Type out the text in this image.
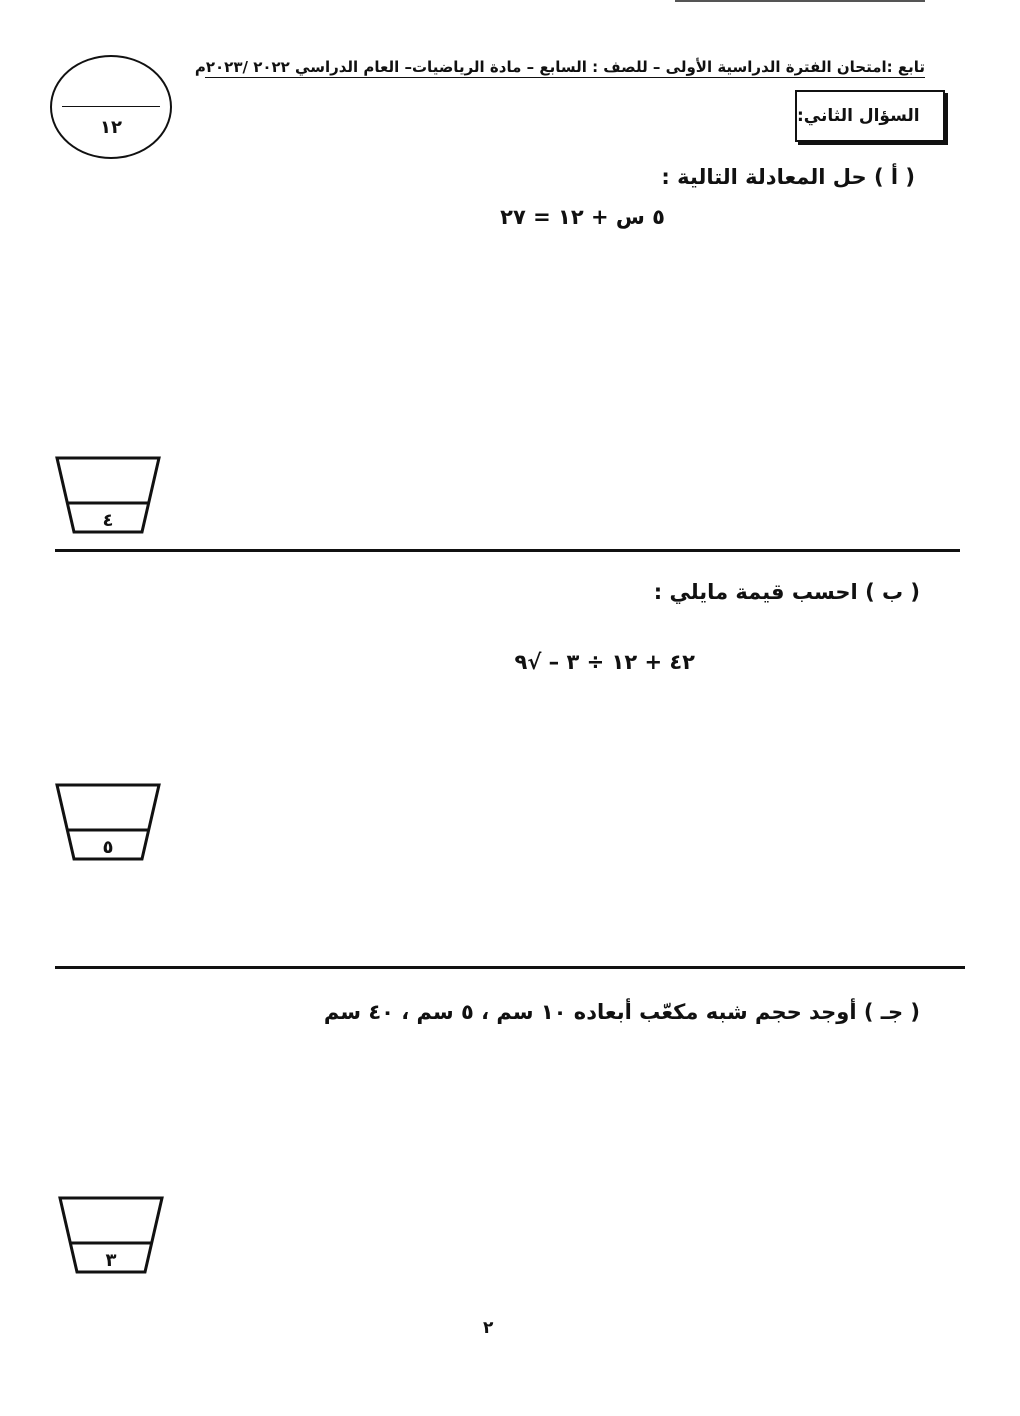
تابع :امتحان الفترة الدراسية الأولى – للصف : السابع – مادة الرياضيات– العام الدراسي ٢٠٢٢ /٢٠٢٣م
١٢
السؤال الثاني:
( أ ) حل المعادلة التالية :
٥ س + ١٢ = ٢٧
٤
( ب ) احسب قيمة مايلي :
٤٢ + ١٢ ÷ ٣ – √٩
٥
( جـ ) أوجد حجم شبه مكعّب أبعاده ١٠ سم ، ٥ سم ، ٤٠ سم
٣
٢
